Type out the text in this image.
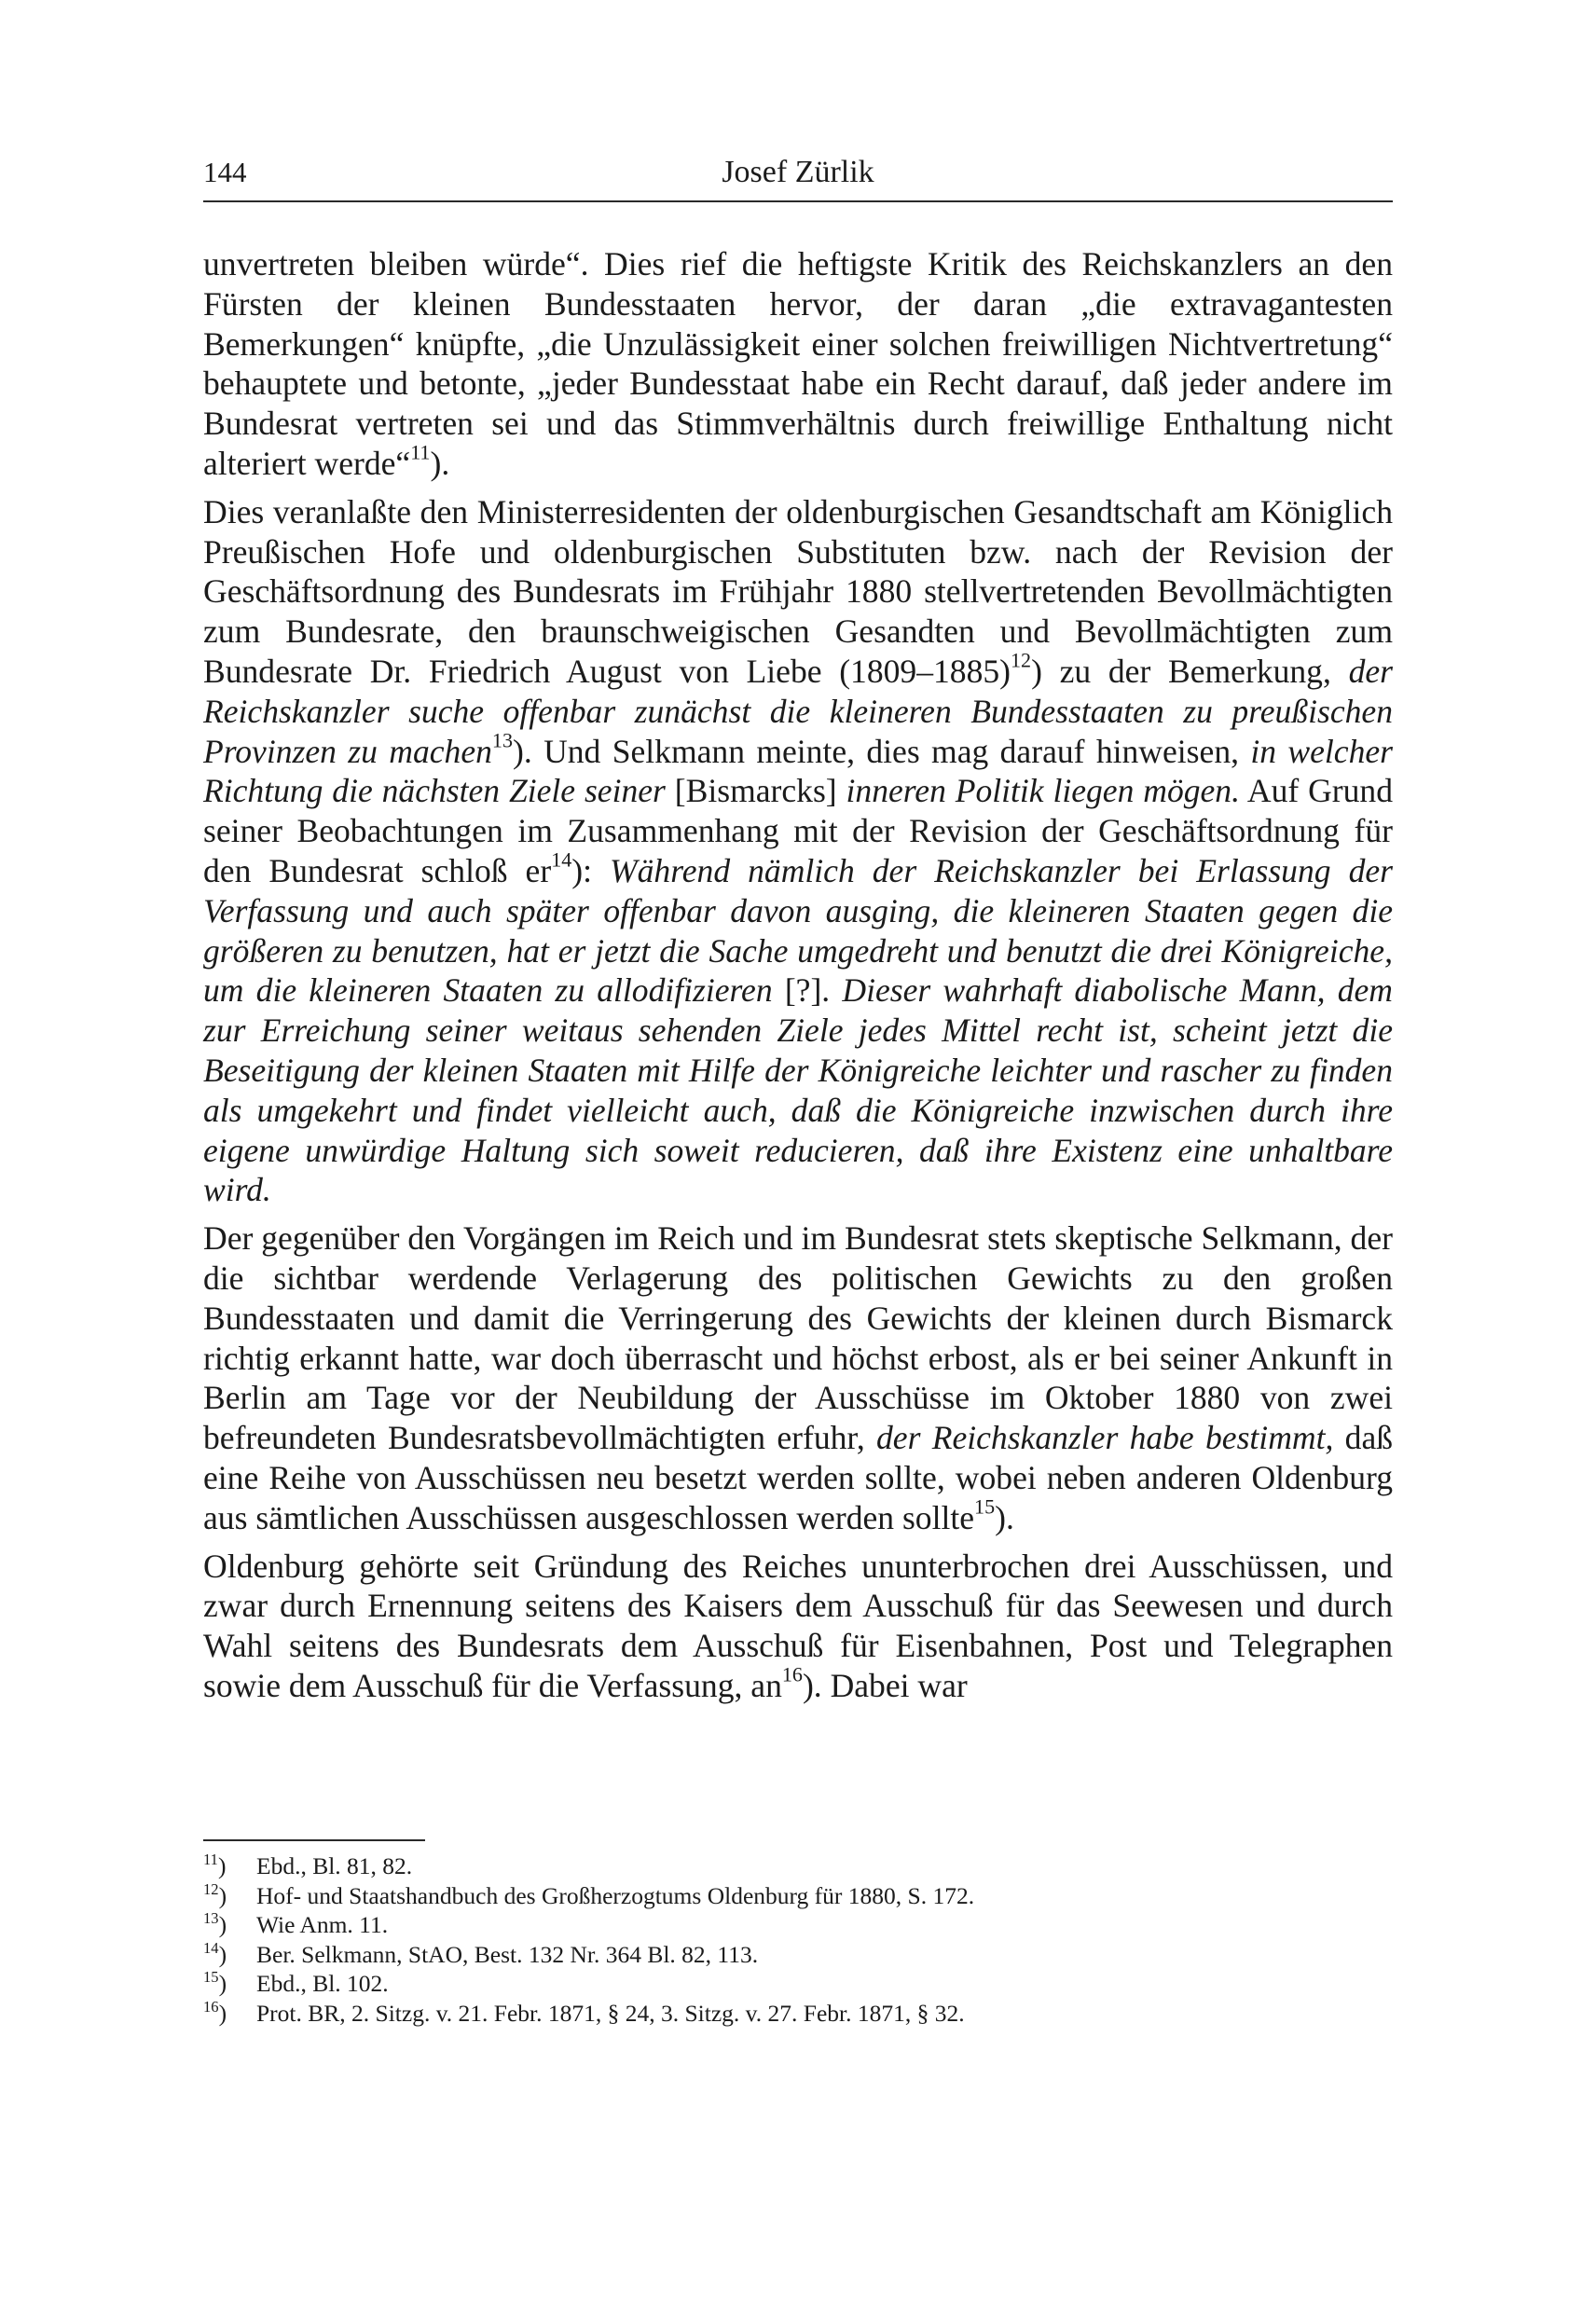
144	Josef Zürlik

unvertreten bleiben würde“. Dies rief die heftigste Kritik des Reichskanzlers an den Fürsten der kleinen Bundesstaaten hervor, der daran „die extravagantesten Bemerkungen“ knüpfte, „die Unzulässigkeit einer solchen freiwilligen Nichtvertretung“ behauptete und betonte, „jeder Bundesstaat habe ein Recht darauf, daß jeder andere im Bundesrat vertreten sei und das Stimmverhältnis durch freiwillige Enthaltung nicht alteriert werde“$^{11}$).

Dies veranlaßte den Ministerresidenten der oldenburgischen Gesandtschaft am Königlich Preußischen Hofe und oldenburgischen Substituten bzw. nach der Revision der Geschäftsordnung des Bundesrats im Frühjahr 1880 stellvertretenden Bevollmächtigten zum Bundesrate, den braunschweigischen Gesandten und Bevollmächtigten zum Bundesrate Dr. Friedrich August von Liebe (1809–1885)$^{12}$) zu der Bemerkung, der Reichskanzler suche offenbar zunächst die kleineren Bundesstaaten zu preußischen Provinzen zu machen$^{13}$). Und Selkmann meinte, dies mag darauf hinweisen, in welcher Richtung die nächsten Ziele seiner [Bismarcks] inneren Politik liegen mögen. Auf Grund seiner Beobachtungen im Zusammenhang mit der Revision der Geschäftsordnung für den Bundesrat schloß $er^{14}$): Während nämlich der Reichskanzler bei Erlassung der Verfassung und auch später offenbar davon ausging, die kleineren Staaten gegen die größeren zu benutzen, hat er jetzt die Sache umgedreht und benutzt die drei Königreiche, um die kleineren Staaten zu allodifizieren [?]. Dieser wahrhaft diabolische Mann, dem zur Erreichung seiner weitaus sehenden Ziele jedes Mittel recht ist, scheint jetzt die Beseitigung der kleinen Staaten mit Hilfe der Königreiche leichter und rascher zu finden als umgekehrt und findet vielleicht auch, daß die Königreiche inzwischen durch ihre eigene unwürdige Haltung sich soweit reducieren, daß ihre Existenz eine unhaltbare wird.

Der gegenüber den Vorgängen im Reich und im Bundesrat stets skeptische Selkmann, der die sichtbar werdende Verlagerung des politischen Gewichts zu den großen Bundesstaaten und damit die Verringerung des Gewichts der kleinen durch Bismarck richtig erkannt hatte, war doch überrascht und höchst erbost, als er bei seiner Ankunft in Berlin am Tage vor der Neubildung der Ausschüsse im Oktober 1880 von zwei befreundeten Bundesratsbevollmächtigten erfuhr, der Reichskanzler habe bestimmt, daß eine Reihe von Ausschüssen neu besetzt werden sollte, wobei neben anderen Oldenburg aus sämtlichen Ausschüssen ausgeschlossen werden sollte$^{15}$).

Oldenburg gehörte seit Gründung des Reiches ununterbrochen drei Ausschüssen, und zwar durch Ernennung seitens des Kaisers dem Ausschuß für das Seewesen und durch Wahl seitens des Bundesrats dem Ausschuß für Eisenbahnen, Post und Telegraphen sowie dem Ausschuß für die Verfassung, $an^{16}$). Dabei war

$^{11}$) Ebd., Bl. 81, 82.
$^{12}$) Hof- und Staatshandbuch des Großherzogtums Oldenburg für 1880, S. 172.
$^{13}$) Wie Anm. 11.
$^{14}$) Ber. Selkmann, StAO, Best. 132 Nr. 364 Bl. 82, 113.
$^{15}$) Ebd., Bl. 102.
$^{16}$) Prot. BR, 2. Sitzg. v. 21. Febr. 1871, § 24, 3. Sitzg. v. 27. Febr. 1871, § 32.
